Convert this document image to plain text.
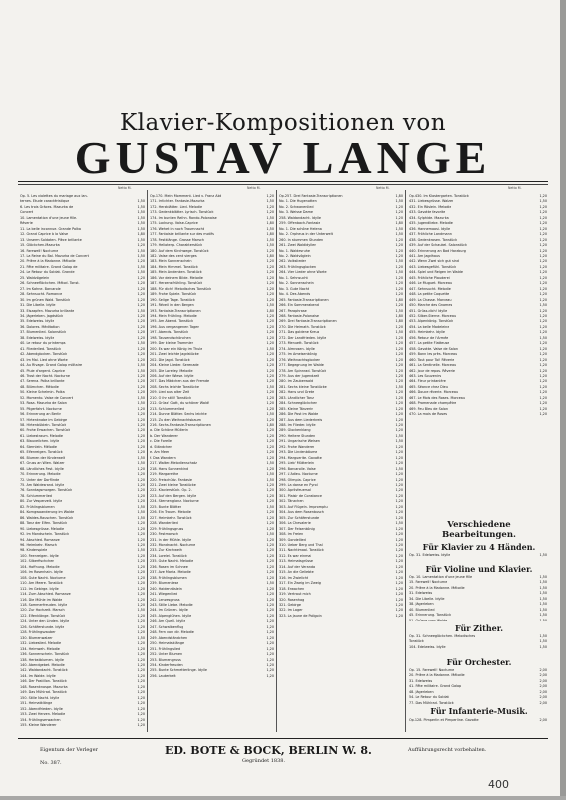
Klavier-Kompositionen von
GUSTAV LANGE
Netto M.	Netto M.	Netto M.	Netto M.
Op. 5. Les violettes du mariage aux lan-
ternes. Etude caractéristique	1,50
6. Les trois Grâces. Mazurka de	1,50
Concert	1,50
10. Lamentation d'une jeune fille.	1,50
Réverie	1,50
11. La belle inconnue. Grande Polka	1,50
12. Grand Caprice à la Valse	1,80
13. Unserm Soldaten. Pièce brillante	1,50
15. Glöckchen-Mazurka	1,20
16. Farewell! Nocturne	1,50
17. La Reine du Bal. Mazurka de Concert	1,50
20. Prière à la Madonne. Mélodie	1,20
21. Fête militaire. Grand Galop de	1,50
24. Le Retour du Soldat. Grande	1,50
25. Waldvögelein	1,20
26. Schneeflöckchen. Mélod. Tonst.	1,20
27. Im Kahne. Barcarole	1,20
28. Sehnsucht. Romance	1,20
30. Im grünen Wald. Tonstück	1,20
31. Die Libelle. Idylle	1,20
33. Eiszapfen. Mazurka brillante	1,50
34. Jägerleben. Jagdstück	1,20
35. Edelweiss. Idylle	1,20
36. Dolores. Méditation	1,20
37. Blumenlied. Salonstück	1,20
38. Edelweiss. Idylle	1,20
40. Le retour du printemps	1,50
41. Fliederlied. Tonstück	1,20
42. Abendglocken. Tonstück	1,20
43. Im Mai. Lied ohne Worte	1,20
44. Au Rivage. Grand Galop militaire	1,50
45. Pluie d'argent. Caprice	1,50
46. Trost der Nacht. Nocturne	1,20
47. Serena. Polka brillante	1,20
48. Blümchen. Mélodie	1,20
50. Kleine Schelmin. Polka	1,20
52. Momento. Valse de Concert	1,50
53. Rosa. Mazurka de Salon	1,50
55. Pilgerfahrt. Nocturne	1,20
56. Erinnerung an Berlin	1,20
57. Hirtenknabe im Gebirge	1,20
58. Hirtenbüblein. Tonstück	1,20
60. Frohe Erwachen. Tonstück	1,20
61. Liebestraum. Melodie	1,20
63. Blauveilchen. Idylle	1,20
64. Sternlein. Mélodie	1,20
65. Elfenreigen. Tonstück	1,20
66. Blumen der Kinderwelt	1,50
67. Gruss an Wien. Walzer	1,50
68. Ländliches Fest. Idylle	1,20
70. Erinnerung. Melodie	1,20
72. Unter der Dorflinde	1,20
75. Am Waldesrand. Idylle	1,20
76. Sonntagsmorgen. Tonstück	1,20
78. Schlummerlied	1,20
80. Zur Vesperzeit. Idylle	1,20
82. Frühlingsblumen	1,50
84. Korngwoanderung im Walde	1,50
86. Waldes-Rauschen. Tonstück	1,50
88. Tanz der Elfen. Tonstück	1,20
90. Liebesgrüsse. Melodie	1,20
92. Im Mondschein. Tonstück	1,20
94. Abschied. Romanze	1,20
96. Heimkehr. Marsch	1,20
98. Kinderspiele	1,50
100. Feenreigen. Idylle	1,20
102. Silberfischchen	1,20
104. Hoffnung. Melodie	1,20
106. Im Rosenhain. Idylle	1,20
108. Gute Nacht. Nocturne	1,20
110. Am Meere. Tonstück	1,20
112. Im Gebirge. Idylle	1,20
114. Zum Abschied. Romanze	1,20
116. Die Mühle im Walde	1,20
118. Sommerfreuden. Idylle	1,20
120. Zur Hochzeit. Marsch	1,50
122. Elfenklänge. Tonstück	1,20
124. Unter den Linden. Idylle	1,20
126. Schäferstunde. Idylle	1,20
128. Frühlingszauber	1,20
130. Blumenwalzer	1,50
132. Liebeslied. Melodie	1,20
134. Heimweh. Melodie	1,20
136. Sonnenschein. Tonstück	1,20
138. Herbstblumen. Idylle	1,20
140. Abendgebet. Melodie	1,20
142. Waldandacht. Tonstück	1,20
144. Im Walde. Idylle	1,20
146. Der Postillon. Tonstück	1,20
148. Rosenknospe. Mazurka	1,20
149. Das Mühlrad. Tonstück	1,20
150. Stille Nacht. Idylle	1,20
151. Heimatklänge	1,20
152. Abendfrieden. Idylle	1,20
153. Zwei Herzen. Melodie	1,20
154. Frühlingserwachen	1,20
155. Kleine Wanderer	1,20
Op.170. Mein Momment. Lied v. Franz Abt	1,20
171. Irrlichter. Fantasie-Mazurka	1,50
172. Herzblätter. Lied. Melodie	1,20
173. Gedenkblätter. Lyrisch. Tonstück	1,20
174. Im bunten Reihn. Rondo-Polonaise	1,50
175. Lockung. Valse-Caprice	1,80
176. Wehet in noch Traumnacht	1,50
177. Fantaisie brillante sur des motifs	1,80
178. Festklänge. Grosse Marsch	1,50
179. Helioterp. Charakterstück	1,50
180. Auf dem Kirchwege. Tonstück	1,20
182. Valse des cent vierges	1,80
183. Mein Sonnenschein	1,20
184. Mein Himmel. Tonstück	1,20
185. Mein Andenken. Tonstück	1,20
186. Vor deinem Bilde. Melodie	1,20
187. Herzensfrühling. Tonstück	1,20
188. Für dich! Melodisches Tonstück	1,20
189. Frohe Spiele. Tonstück	1,20
190. Selige Tage. Tonstück	1,20
191. Réveil in den Bergen	1,50
193. Fantaisie-Transcriptionen	1,80
194. Mein Frühling. Melodie	1,20
195. Am Abend. Tonstück	1,20
196. Aus vergangenen Tagen	1,20
197. Abends. Tonstück	1,20
198. Tausendschönchen	1,20
199. Der kleine Trommler	1,20
200. Es war ein König im Thule	1,50
201. Zwei leichte Jagdstücke	1,20
202. Die Jagd. Tonstück	1,20
204. Kleine Lieder. Serenade	1,20
205. Die Loreley. Melodie	1,20
206. Auf der Wiese. Idylle	1,20
207. Das Mädchen aus der Fremde	1,20
208. Sechs leichte Tonstücke	1,50
209. Lied aus alter Zeit	1,20
210. O ihr still! Tonstück	1,20
212. Grüss' Gott, du schöner Wald!	1,20
213. Schlummerlied	1,20
214. Dunne Blätter. Sechs leichte	1,50
215. Zu den Weihnachtsbaum	1,20
216. Sechs-Fantasie-Transcriptionen	1,80
a. Die Schöne Müllerin	1,20
b. Der Wanderer	1,20
c. Die Forelle	1,20
d. Ständchen	1,20
e. Am Meer	1,20
f. Das Wandern	1,20
217. Walter-Melodienschatz	1,50
218. Hans Sonnenkind	1,20
219. Margarethe	1,50
220. Freischütz. Fantasie	1,50
221. Zwei kleine Tonstücke	1,20
222. Klavierstück. Op. 2.	1,20
223. Auf den Bergen. Idylle	1,20
224. Sternenglanz. Nocturne	1,20
225. Bunte Blätter	1,50
226. Ein Traum. Melodie	1,20
227. Heimkehr. Tonstück	1,20
228. Wanderlied	1,20
229. Frühlingsgruss	1,20
230. Festmarsch	1,50
231. In der Mühle. Idylle	1,20
232. Mondnacht. Nocturne	1,20
233. Zur Kirchweih	1,20
234. Lorelei. Tonstück	1,20
235. Gute Nacht. Melodie	1,20
236. Rosen im Schnee	1,20
237. Ave Maria. Melodie	1,20
238. Frühlingsblumen	1,20
239. Blumenlese	1,50
240. Haidenröslein	1,20
241. Wiegenlied	1,20
242. Lenzesgruss	1,20
243. Stille Liebe. Melodie	1,20
244. Im Grünen. Idylle	1,20
245. Alpenglühen. Idylle	1,20
246. Am Quell. Idylle	1,20
247. Schwalbenflug	1,20
248. Fern von dir. Melodie	1,20
249. Abendständchen	1,20
250. Heimatsklänge	1,20
251. Frühlingslied	1,20
252. Unter Blumen	1,20
253. Blumengruss	1,20
254. Kinderfreuden	1,20
255. Bunte Schmetterlinge. Idylle	1,20
256. Lauterkeit	1,20
Op.257. Drei Fantasie-Transcriptionen	1,80
No. 1. Die Hugenotten	1,50
No. 2. Schwanenlied	1,20
No. 3. Weisse Dame	1,20
258. Waldandacht. Idylle	1,20
259. Offenbach-Fantasie	1,80
No. 1. Die schöne Helena	1,50
No. 2. Orpheus in der Unterwelt	1,50
260. In stummen Stunden	1,20
261. Zwei Waldidyllen	1,20
No. 1. Waldesruhe	1,20
No. 2. Waldvöglein	1,20
262. Volkslieder	1,50
263. Frühlingsglocken	1,20
264. Vier Lieder ohne Worte	1,50
No. 1. Sehnsucht	1,20
No. 2. Sonnenschein	1,20
No. 3. Gute Nacht	1,20
No. 4. Des Abends	1,20
265. Fantasie-Transcriptionen	1,80
266. Ein Sommerabend	1,20
267. Paraphrase	1,50
268. Fantasie-Polonaise	1,80
269. Drei Fantasie-Transcriptionen	1,80
270. Die Heimath. Tonstück	1,20
271. Das goldene Kreuz	1,50
272. Der Landfrieden. Idylle	1,20
273. Menuett. Tonstück	1,20
274. Almrosen. Idylle	1,20
275. Im Ameisenkönig	1,20
276. Weihnachtsglocken	1,20
277. Begegnung im Walde	1,20
278. Am Spinnrad. Tonstück	1,20
279. Aus der Jugendzeit	1,20
280. Im Zauberwald	1,20
281. Sechs kleine Tonstücke	1,50
282. Hans und Grete	1,20
283. Ländlicher Tanz	1,20
284. Schneeglöckchen	1,20
285. Kleine Tänzerin	1,20
286. Die Post im Walde	1,20
287. Aus dem Liederkreis	1,20
288. Im Flieder. Idylle	1,20
289. Glockenklang	1,20
290. Heitere Stunden	1,50
291. Ungarische Weisen	1,50
292. Frohe Wanderer	1,20
293. Die Lindenbäume	1,20
294. Marguerite. Gavotte	1,20
295. Lieb' Mütterlein	1,20
296. Barcarolle. Valse	1,50
297. L'Adieu. Nocturne	1,20
298. Olimpia. Caprice	1,20
299. La danse en Pyrol	1,20
300. Aprilsfeuersal	1,20
301. Plaisir de Constance	1,20
302. Tänzchen	1,20
303. Auf Flügeln. Impromptu	1,20
304. Aus dem Rosenbusch	1,20
305. Zur Schäferstunde	1,20
306. La Chevalerie	1,50
307. Der Felsenkönig	1,20
308. Im Freien	1,20
309. Gondellied	1,20
310. Ueber Berg und Thal	1,20
311. Nachtimaal. Tonstück	1,20
312. Es war einmal	1,20
313. Heimatsgrüsse	1,20
314. Auf der Veranda	1,20
315. An die Geliebte	1,20
316. Im Zwielicht	1,20
317. Ein Zweig im Zweig	1,20
318. Erwachen	1,20
319. Vertraut mich	1,20
320. Rosenhag	1,20
321. Gebirge	1,20
322. Im Lager	1,20
323. La Jaune de Poligoin	1,20
Op.430. Im Klostergarten. Tonstück	1,20
431. Liebesgrüsse. Walzer	1,50
432. Ein Röslein. Melodie	1,20
433. Gavotte favorite	1,20
434. Sylphide. Mazurka	1,20
435. Jugendliebe. Melodie	1,20
436. Hannemoosi. Idylle	1,20
437. Fröhliche Landmann	1,20
438. Gedenkrosen. Tonstück	1,20
439. Auf der Schaukel. Salonstück	1,20
440. Erinnerung an Bad Harzburg	1,20
441. Am Jagdhaus	1,20
442. Wenn Zwei sich gut sind	1,20
443. Liebesgefühl. Tonstück	1,20
444. Spiel und Reigen im Walde	1,20
445. Fröhliche Plauderei	1,20
446. Le Muguet. Morceau	1,20
447. Sehnsucht. Melodie	1,20
448. La petite Coquette	1,20
449. La Chasse. Morceau	1,20
450. Marche des Gnomes	1,50
451. Grüss-dich! Idylle	1,20
452. Silber-Sterne. Morceau	1,20
453. Alpenkönig. Tonstück	1,20
454. La belle Madeleine	1,20
455. Heimkehr. Idylle	1,20
456. Retour de l'Armée	1,50
457. La petite Flatteuse	1,20
458. Gavotte. Valse de Salon	1,20
459. Bonn les près. Morceau	1,20
460. Tout pour Toi! Rêverie	1,20
461. La Sentinelle. Morceau	1,20
462. Jour de repos. Rêverie	1,20
463. Les Souvenirs	1,20
464. Fleur printanière	1,20
465. Séance chez Dieu	1,20
466. Douce rêverie. Morceau	1,20
467. Le Mois des Roses. Morceau	1,20
468. Promenade champêtre	1,20
469. Feu Bleu de Salon	1,20
470. La mois de Roses	1,20
Verschiedene Bearbeitungen.
Für Klavier zu 4 Händen.
Op. 31. Edelweiss. Idylle	1,50
Für Violine und Klavier.
Op. 10. Lamentation d'une jeune fille	1,50
15. Farewell! Nocturne	1,50
20. Prière à la Madonne. Mélodie	1,50
31. Edelweiss	1,50
34. Die Libelle. Idylle	1,50
38. Jägerleben	1,50
40. Blumenlied	1,50
45. Erinnerung. Tonstück	1,50
51. Grüsse vom Walde	1,50
Für Zither.
Op. 31. Schneeglöckchen. Melodisches	1,50
Tonstück	1,50
104. Edelweiss. Idylle	1,50
Für Orchester.
Op. 15. Farewell! Nocturne	2,00
20. Prière à la Madonne. Mélodie	2,00
31. Edelweiss	2,00
41. Fête militaire. Grand Galop	2,00
48. Jägerleben	2,00
54. Le Retour du Soldat	2,00
77. Das Mühlrad. Tonstück	2,00
Für Infanterie-Musik.
Op.128. Pimperlin et Pimperline. Gavotte	2,00
Eigentum der Verleger
No. 387.
ED. BOTE & BOCK, BERLIN W. 8.
Gegründet 1838.
Aufführungsrecht vorbehalten.
400
